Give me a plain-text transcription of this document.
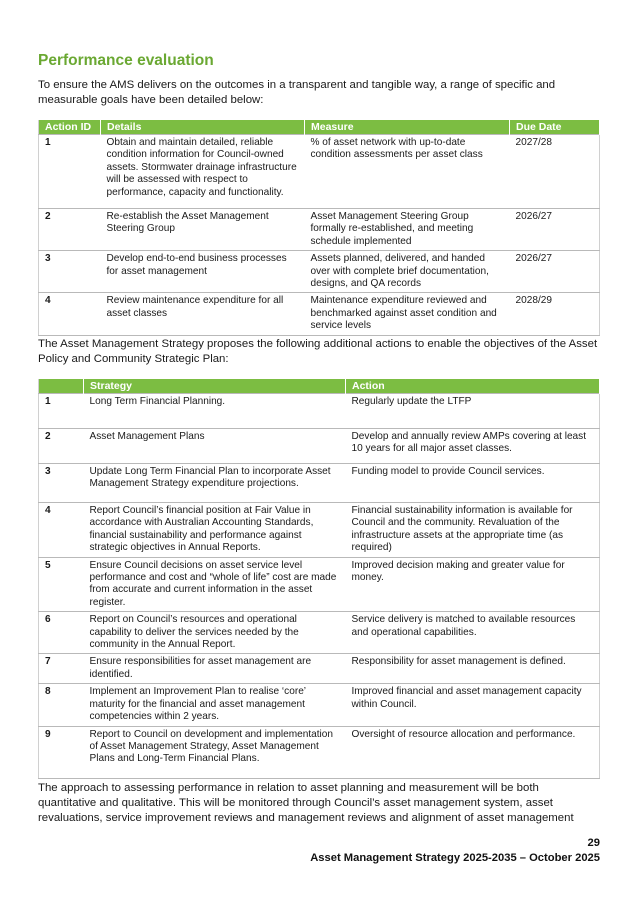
Performance evaluation

To ensure the AMS delivers on the outcomes in a transparent and tangible way, a range of specific and measurable goals have been detailed below:

Action ID	Details	Measure	Due Date
1	Obtain and maintain detailed, reliable condition information for Council-owned assets. Stormwater drainage infrastructure will be assessed with respect to performance, capacity and functionality.	% of asset network with up-to-date condition assessments per asset class	2027/28
2	Re-establish the Asset Management Steering Group	Asset Management Steering Group formally re-established, and meeting schedule implemented	2026/27
3	Develop end-to-end business processes for asset management	Assets planned, delivered, and handed over with complete brief documentation, designs, and QA records	2026/27
4	Review maintenance expenditure for all asset classes	Maintenance expenditure reviewed and benchmarked against asset condition and service levels	2028/29

The Asset Management Strategy proposes the following additional actions to enable the objectives of the Asset Policy and Community Strategic Plan:

	Strategy	Action
1	Long Term Financial Planning.	Regularly update the LTFP
2	Asset Management Plans	Develop and annually review AMPs covering at least 10 years for all major asset classes.
3	Update Long Term Financial Plan to incorporate Asset Management Strategy expenditure projections.	Funding model to provide Council services.
4	Report Council’s financial position at Fair Value in accordance with Australian Accounting Standards, financial sustainability and performance against strategic objectives in Annual Reports.	Financial sustainability information is available for Council and the community. Revaluation of the infrastructure assets at the appropriate time (as required)
5	Ensure Council decisions on asset service level performance and cost and “whole of life” cost are made from accurate and current information in the asset register.	Improved decision making and greater value for money.
6	Report on Council’s resources and operational capability to deliver the services needed by the community in the Annual Report.	Service delivery is matched to available resources and operational capabilities.
7	Ensure responsibilities for asset management are identified.	Responsibility for asset management is defined.
8	Implement an Improvement Plan to realise ‘core’ maturity for the financial and asset management competencies within 2 years.	Improved financial and asset management capacity within Council.
9	Report to Council on development and implementation of Asset Management Strategy, Asset Management Plans and Long-Term Financial Plans.	Oversight of resource allocation and performance.

The approach to assessing performance in relation to asset planning and measurement will be both quantitative and qualitative. This will be monitored through Council’s asset management system, asset revaluations, service improvement reviews and management reviews and alignment of asset management

29
Asset Management Strategy 2025-2035 – October 2025
